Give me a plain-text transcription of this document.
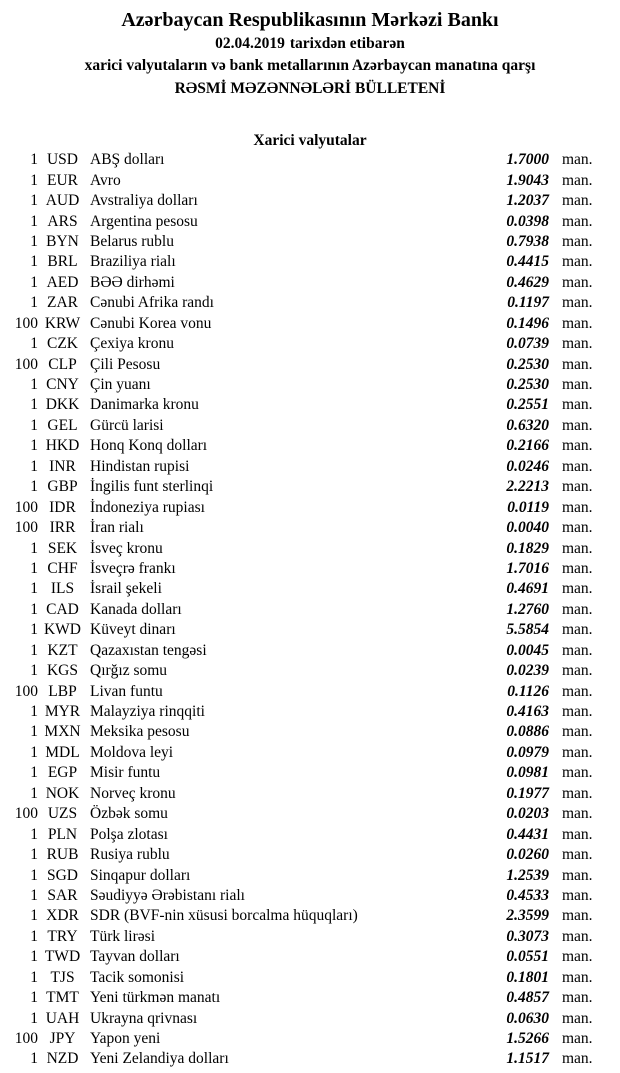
Azərbaycan Respublikasının Mərkəzi Bankı
02.04.2019 tarixdən etibarən
xarici valyutaların və bank metallarının Azərbaycan manatına qarşı
RƏSMİ MƏZƏNNƏLƏRİ BÜLLETENİ
Xarici valyutalar
1 USD ABŞ dolları	1.7000 man.
1 EUR Avro	1.9043 man.
1 AUD Avstraliya dolları	1.2037 man.
1 ARS Argentina pesosu	0.0398 man.
1 BYN Belarus rublu	0.7938 man.
1 BRL Braziliya rialı	0.4415 man.
1 AED BƏƏ dirhəmi	0.4629 man.
1 ZAR Cənubi Afrika randı	0.1197 man.
100 KRW Cənubi Korea vonu	0.1496 man.
1 CZK Çexiya kronu	0.0739 man.
100 CLP Çili Pesosu	0.2530 man.
1 CNY Çin yuanı	0.2530 man.
1 DKK Danimarka kronu	0.2551 man.
1 GEL Gürcü larisi	0.6320 man.
1 HKD Honq Konq dolları	0.2166 man.
1 INR Hindistan rupisi	0.0246 man.
1 GBP İngilis funt sterlinqi	2.2213 man.
100 IDR İndoneziya rupiası	0.0119 man.
100 IRR İran rialı	0.0040 man.
1 SEK İsveç kronu	0.1829 man.
1 CHF İsveçrə frankı	1.7016 man.
1 ILS	İsrail şekeli	0.4691 man.
1 CAD Kanada dolları	1.2760 man.
1 KWD Küveyt dinarı	5.5854 man.
1 KZT Qazaxıstan tengəsi	0.0045 man.
1 KGS Qırğız somu	0.0239 man.
100 LBP Livan funtu	0.1126 man.
1 MYR Malayziya rinqqiti	0.4163 man.
1 MXN Meksika pesosu	0.0886 man.
1 MDL Moldova leyi	0.0979 man.
1 EGP Misir funtu	0.0981 man.
1 NOK Norveç kronu	0.1977 man.
100 UZS Özbək somu	0.0203 man.
1 PLN Polşa zlotası	0.4431 man.
1 RUB Rusiya rublu	0.0260 man.
1 SGD Sinqapur dolları	1.2539 man.
1 SAR Səudiyyə Ərəbistanı rialı	0.4533 man.
1 XDR SDR (BVF-nin xüsusi borcalma hüquqları)	2.3599 man.
1 TRY Türk lirəsi	0.3073 man.
1 TWD Tayvan dolları	0.0551 man.
1 TJS Tacik somonisi	0.1801 man.
1 TMT Yeni türkmən manatı	0.4857 man.
1 UAH Ukrayna qrivnası	0.0630 man.
100 JPY Yapon yeni	1.5266 man.
1 NZD Yeni Zelandiya dolları	1.1517 man.
